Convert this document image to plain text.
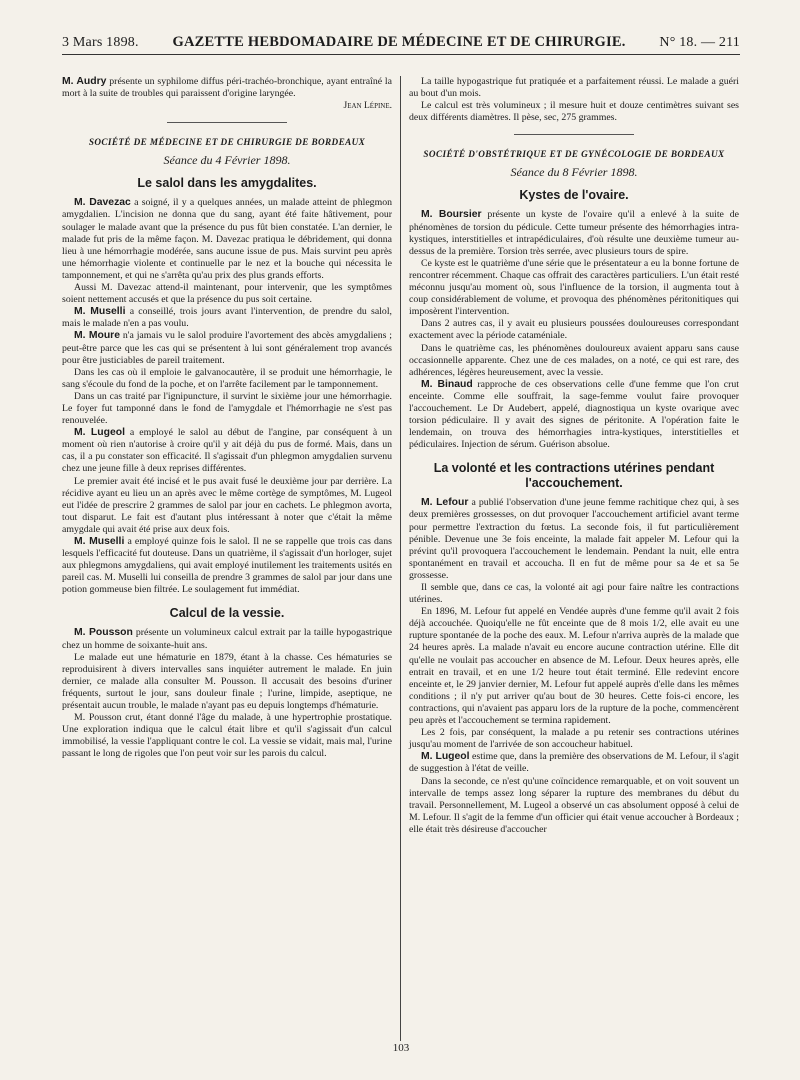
3 Mars 1898. GAZETTE HEBDOMADAIRE DE MÉDECINE ET DE CHIRURGIE. N° 18. — 211

M. Audry présente un syphilome diffus péri-trachéo-bronchique, ayant entraîné la mort à la suite de troubles qui paraissent d'origine laryngée.

Jean Lépine.

SOCIÉTÉ DE MÉDECINE ET DE CHIRURGIE DE BORDEAUX
Séance du 4 Février 1898.
Le salol dans les amygdalites.

M. Davezac a soigné, il y a quelques années, un malade atteint de phlegmon amygdalien. L'incision ne donna que du sang, ayant été faite hâtivement, pour soulager le malade avant que la présence du pus fût bien constatée. L'an dernier, le malade fut pris de la même façon. M. Davezac pratiqua le débridement, qui donna lieu à une hémorrhagie modérée, sans aucune issue de pus. Mais survint peu après une hémorrhagie violente et continuelle par le nez et la bouche qui nécessita le tamponnement, et qui ne s'arrêta qu'au prix des plus grands efforts.

Aussi M. Davezac attend-il maintenant, pour intervenir, que les symptômes soient nettement accusés et que la présence du pus soit certaine.

M. Muselli a conseillé, trois jours avant l'intervention, de prendre du salol, mais le malade n'en a pas voulu.

M. Moure n'a jamais vu le salol produire l'avortement des abcès amygdaliens ; peut-être parce que les cas qui se présentent à lui sont généralement trop avancés pour être justiciables de pareil traitement.

Dans les cas où il emploie le galvanocautère, il se produit une hémorrhagie, le sang s'écoule du fond de la poche, et on l'arrête facilement par le tamponnement.

Dans un cas traité par l'ignipuncture, il survint le sixième jour une hémorrhagie. Le foyer fut tamponné dans le fond de l'amygdale et l'hémorrhagie ne s'est pas renouvelée.

M. Lugeol a employé le salol au début de l'angine, par conséquent à un moment où rien n'autorise à croire qu'il y ait déjà du pus de formé. Mais, dans un cas, il a pu constater son efficacité. Il s'agissait d'un phlegmon amygdalien survenu chez une jeune fille à deux reprises différentes.

Le premier avait été incisé et le pus avait fusé le deuxième jour par derrière. La récidive ayant eu lieu un an après avec le même cortège de symptômes, M. Lugeol eut l'idée de prescrire 2 grammes de salol par jour en cachets. Le phlegmon avorta, tout disparut. Le fait est d'autant plus intéressant à noter que c'était la même amygdale qui avait été prise aux deux fois.

M. Muselli a employé quinze fois le salol. Il ne se rappelle que trois cas dans lesquels l'efficacité fut douteuse. Dans un quatrième, il s'agissait d'un horloger, sujet aux phlegmons amygdaliens, qui avait employé inutilement les traitements usités en pareil cas. M. Muselli lui conseilla de prendre 3 grammes de salol par jour dans une potion gommeuse bien filtrée. Le soulagement fut immédiat.

Calcul de la vessie.

M. Pousson présente un volumineux calcul extrait par la taille hypogastrique chez un homme de soixante-huit ans.

Le malade eut une hématurie en 1879, étant à la chasse. Ces hématuries se reproduisirent à divers intervalles sans inquiéter autrement le malade. En juin dernier, ce malade alla consulter M. Pousson. Il accusait des besoins d'uriner fréquents, surtout le jour, sans douleur finale ; l'urine, limpide, aseptique, ne présentait aucun trouble, le malade n'ayant pas eu depuis longtemps d'hématurie.

M. Pousson crut, étant donné l'âge du malade, à une hypertrophie prostatique. Une exploration indiqua que le calcul était libre et qu'il s'agissait d'un calcul immobilisé, la vessie l'appliquant contre le col. La vessie se vidait, mais mal, l'urine passant le long de rigoles que l'on peut voir sur les parois du calcul.

La taille hypogastrique fut pratiquée et a parfaitement réussi. Le malade a guéri au bout d'un mois.

Le calcul est très volumineux ; il mesure huit et douze centimètres suivant ses deux différents diamètres. Il pèse, sec, 275 grammes.

SOCIÉTÉ D'OBSTÉTRIQUE ET DE GYNÉCOLOGIE DE BORDEAUX
Séance du 8 Février 1898.
Kystes de l'ovaire.

M. Boursier présente un kyste de l'ovaire qu'il a enlevé à la suite de phénomènes de torsion du pédicule. Cette tumeur présente des hémorrhagies intra-kystiques, interstitielles et intrapédiculaires, d'où résulte une deuxième tumeur au-dessus de la première. Torsion très serrée, avec plusieurs tours de spire.

Ce kyste est le quatrième d'une série que le présentateur a eu la bonne fortune de rencontrer récemment. Chaque cas offrait des caractères particuliers. L'un était resté méconnu jusqu'au moment où, sous l'influence de la torsion, il augmenta tout à coup considérablement de volume, et provoqua des phénomènes péritonitiques qui imposèrent l'intervention.

Dans 2 autres cas, il y avait eu plusieurs poussées douloureuses correspondant exactement avec la période cataméniale.

Dans le quatrième cas, les phénomènes douloureux avaient apparu sans cause occasionnelle apparente. Chez une de ces malades, on a noté, ce qui est rare, des adhérences, légères heureusement, avec la vessie.

M. Binaud rapproche de ces observations celle d'une femme que l'on crut enceinte. Comme elle souffrait, la sage-femme voulut faire provoquer l'accouchement. Le Dr Audebert, appelé, diagnostiqua un kyste ovarique avec torsion pédiculaire. Il y avait des signes de péritonite. A l'opération faite le lendemain, on trouva des hémorrhagies intra-kystiques, interstitielles et pédiculaires. Injection de sérum. Guérison absolue.

La volonté et les contractions utérines pendant l'accouchement.

M. Lefour a publié l'observation d'une jeune femme rachitique chez qui, à ses deux premières grossesses, on dut provoquer l'accouchement artificiel avant terme pour permettre l'extraction du fœtus. La seconde fois, il fut particulièrement pénible. Devenue une 3e fois enceinte, la malade fait appeler M. Lefour qui la prévint qu'il provoquera l'accouchement le lendemain. Pendant la nuit, elle entra spontanément en travail et accoucha. Il en fut de même pour sa 4e et sa 5e grossesse.

Il semble que, dans ce cas, la volonté ait agi pour faire naître les contractions utérines.

En 1896, M. Lefour fut appelé en Vendée auprès d'une femme qu'il avait 2 fois déjà accouchée. Quoiqu'elle ne fût enceinte que de 8 mois 1/2, elle avait eu une rupture spontanée de la poche des eaux. M. Lefour n'arriva auprès de la malade que 24 heures après. La malade n'avait eu encore aucune contraction utérine. Elle dit qu'elle ne voulait pas accoucher en absence de M. Lefour. Deux heures après, elle entrait en travail, et en une 1/2 heure tout était terminé. Elle redevint encore enceinte et, le 29 janvier dernier, M. Lefour fut appelé auprès d'elle dans les mêmes conditions ; il n'y put arriver qu'au bout de 30 heures. Cette fois-ci encore, les contractions, qui n'avaient pas apparu lors de la rupture de la poche, commencèrent peu après et l'accouchement se termina rapidement.

Les 2 fois, par conséquent, la malade a pu retenir ses contractions utérines jusqu'au moment de l'arrivée de son accoucheur habituel.

M. Lugeol estime que, dans la première des observations de M. Lefour, il s'agit de suggestion à l'état de veille.

Dans la seconde, ce n'est qu'une coïncidence remarquable, et on voit souvent un intervalle de temps assez long séparer la rupture des membranes du début du travail. Personnellement, M. Lugeol a observé un cas absolument opposé à celui de M. Lefour. Il s'agit de la femme d'un officier qui était venue accoucher à Bordeaux ; elle était très désireuse d'accoucher

103
